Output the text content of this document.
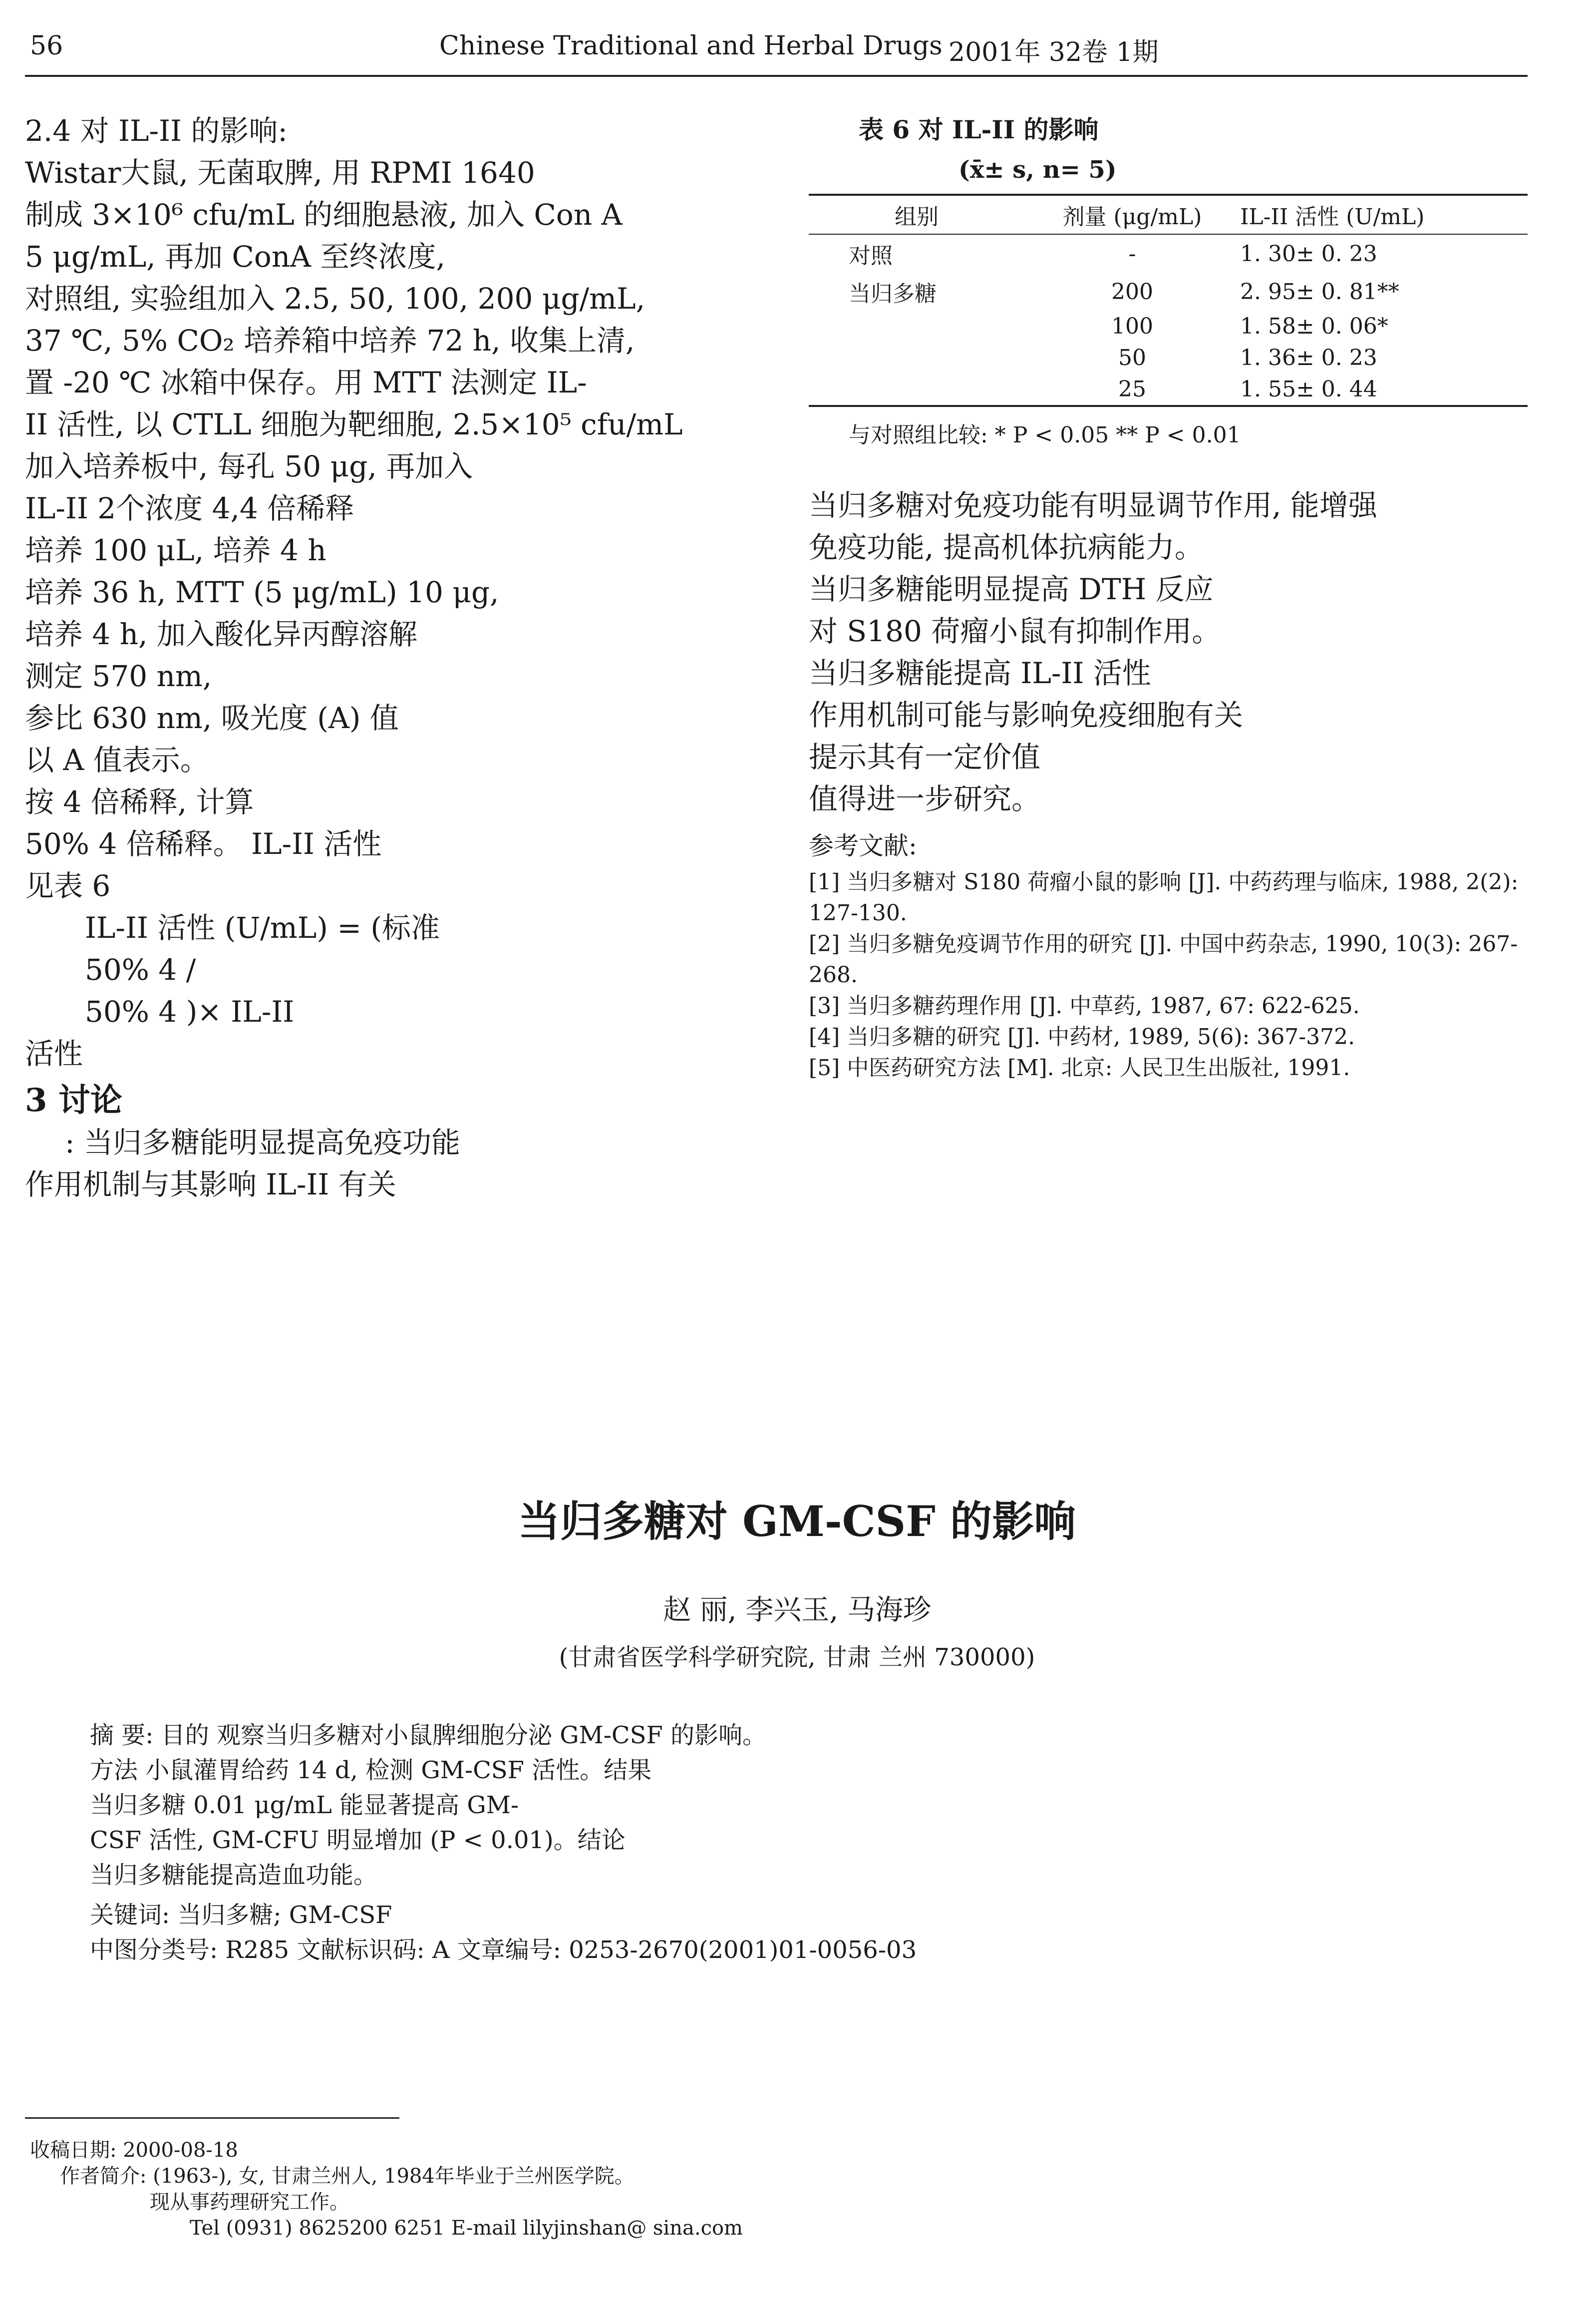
56	Chinese Traditional and Herbal Drugs 2001年 32卷 1期
2.4 对 IL-II 的影响:
Wistar大鼠, 无菌取脾, 用 RPMI 1640
制成 3×10⁶ cfu/mL 的细胞悬液, 加入 Con A
5 μg/mL, 再加 ConA 至终浓度,
对照组, 实验组加入 2.5, 50, 100, 200 μg/mL,
37 ℃, 5% CO₂ 培养箱中培养 72 h, 收集上清,
置 -20 ℃ 冰箱中保存。用 MTT 法测定 IL-
II 活性, 以 CTLL 细胞为靶细胞, 2.5×10⁵ cfu/mL
加入培养板中, 每孔 50 μg, 再加入
IL-II 2个浓度 4,4 倍稀释
培养 100 μL, 培养 4 h
培养 36 h, MTT (5 μg/mL) 10 μg,
培养 4 h, 加入酸化异丙醇溶解
测定 570 nm,
参比 630 nm, 吸光度 (A) 值
以 A 值表示。
按 4 倍稀释, 计算
50% 4 倍稀释。 IL-II 活性
见表 6
IL-II 活性 (U/mL) = (标准
50% 4 /
50% 4 )× IL-II
活性
3 讨论
: 当归多糖能明显提高免疫功能
作用机制与其影响 IL-II 有关
表 6 对 IL-II 的影响
(x̄± s, n= 5)
组别	剂量 (μg/mL)	IL-II 活性 (U/mL)

对照	-	1. 30± 0. 23
当归多糖	200	2. 95± 0. 81**
	100	1. 58± 0. 06*
	50	1. 36± 0. 23
	25	1. 55± 0. 44
与对照组比较: * P < 0.05 ** P < 0.01
当归多糖对免疫功能有明显调节作用, 能增强
免疫功能, 提高机体抗病能力。
当归多糖能明显提高 DTH 反应
对 S180 荷瘤小鼠有抑制作用。
当归多糖能提高 IL-II 活性
作用机制可能与影响免疫细胞有关
提示其有一定价值
值得进一步研究。
参考文献:
[1] 当归多糖对 S180 荷瘤小鼠的影响 [J]. 中药药理与临床, 1988, 2(2): 127-130.
[2] 当归多糖免疫调节作用的研究 [J]. 中国中药杂志, 1990, 10(3): 267-268.
[3] 当归多糖药理作用 [J]. 中草药, 1987, 67: 622-625.
[4] 当归多糖的研究 [J]. 中药材, 1989, 5(6): 367-372.
[5] 中医药研究方法 [M]. 北京: 人民卫生出版社, 1991.
当归多糖对 GM-CSF 的影响
赵 丽, 李兴玉, 马海珍
(甘肃省医学科学研究院, 甘肃 兰州 730000)
摘 要: 目的 观察当归多糖对小鼠脾细胞分泌 GM-CSF 的影响。
方法 小鼠灌胃给药 14 d, 检测 GM-CSF 活性。结果
当归多糖 0.01 μg/mL 能显著提高 GM-
CSF 活性, GM-CFU 明显增加 (P < 0.01)。结论
当归多糖能提高造血功能。
关键词: 当归多糖; GM-CSF
中图分类号: R285 文献标识码: A 文章编号: 0253-2670(2001)01-0056-03
收稿日期: 2000-08-18
作者简介: (1963-), 女, 甘肃兰州人, 1984年毕业于兰州医学院。
现从事药理研究工作。
Tel (0931) 8625200 6251 E-mail lilyjinshan@ sina.com
